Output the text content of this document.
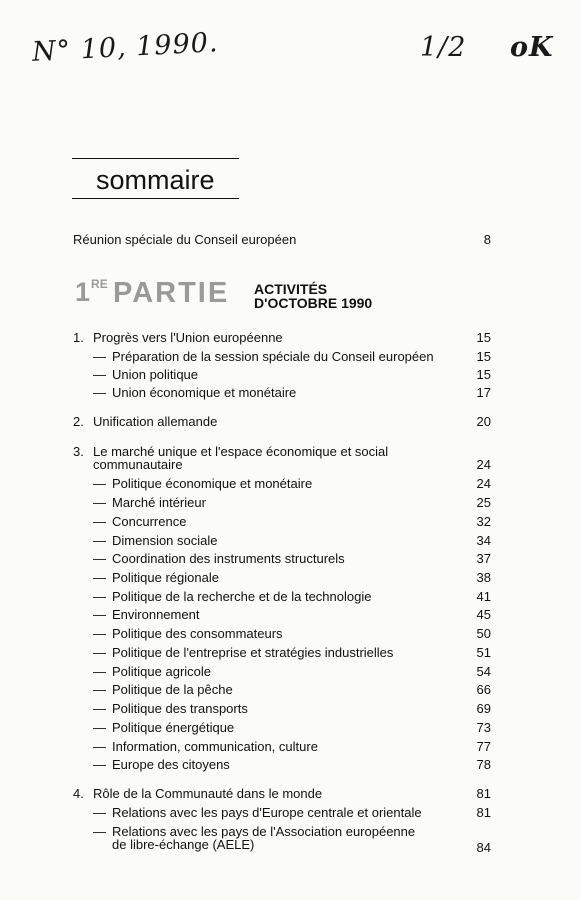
N° 10, 1990.	1/2 oK
sommaire
Réunion spéciale du Conseil européen	8
1RE PARTIE ACTIVITÉS
D'OCTOBRE 1990
1. Progrès vers l'Union européenne	15
— Préparation de la session spéciale du Conseil européen	15
— Union politique	15
— Union économique et monétaire	17
2. Unification allemande	20
3. Le marché unique et l'espace économique et social
communautaire	24
— Politique économique et monétaire	24
— Marché intérieur	25
— Concurrence	32
— Dimension sociale	34
— Coordination des instruments structurels	37
— Politique régionale	38
— Politique de la recherche et de la technologie	41
— Environnement	45
— Politique des consommateurs	50
— Politique de l'entreprise et stratégies industrielles	51
— Politique agricole	54
— Politique de la pêche	66
— Politique des transports	69
— Politique énergétique	73
— Information, communication, culture	77
— Europe des citoyens	78
4. Rôle de la Communauté dans le monde	81
— Relations avec les pays d'Europe centrale et orientale	81
— Relations avec les pays de l'Association européenne
de libre-échange (AELE)	84
